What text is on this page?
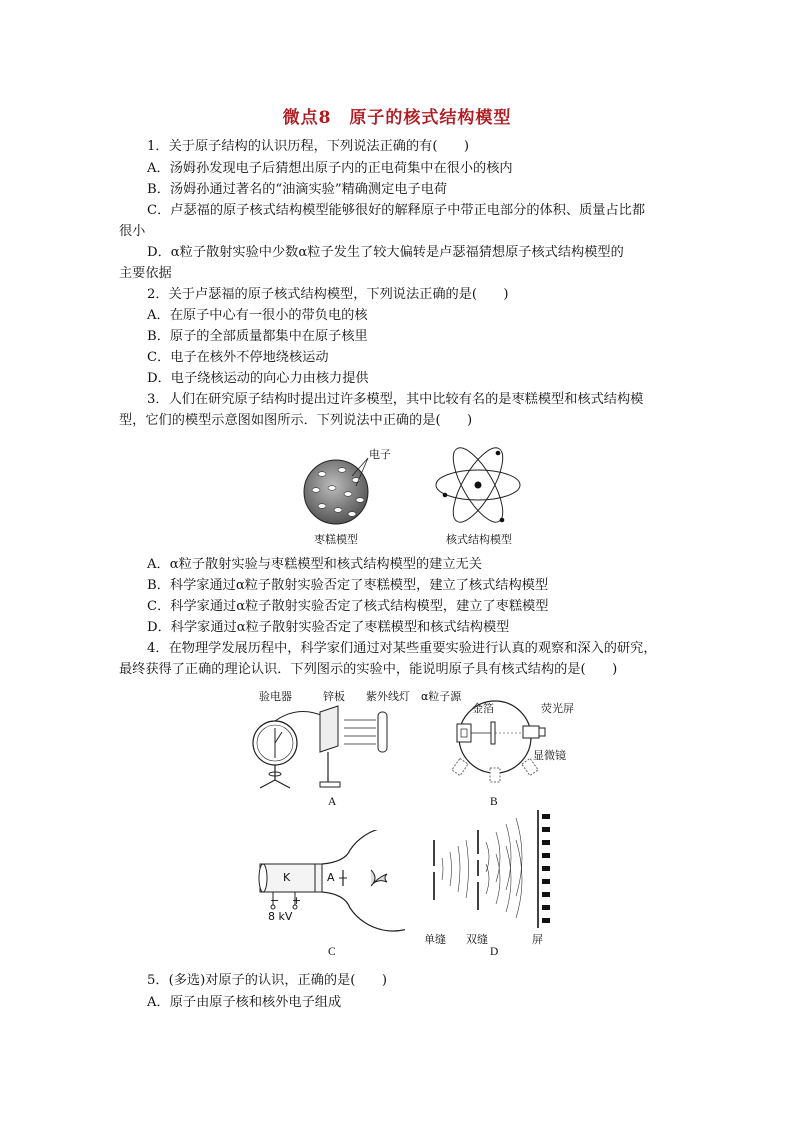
微点8　原子的核式结构模型
1．关于原子结构的认识历程，下列说法正确的有(　　)
A．汤姆孙发现电子后猜想出原子内的正电荷集中在很小的核内
B．汤姆孙通过著名的“油滴实验”精确测定电子电荷
C．卢瑟福的原子核式结构模型能够很好的解释原子中带正电部分的体积、质量占比都
很小
D．α粒子散射实验中少数α粒子发生了较大偏转是卢瑟福猜想原子核式结构模型的
主要依据
2．关于卢瑟福的原子核式结构模型，下列说法正确的是(　　)
A．在原子中心有一很小的带负电的核
B．原子的全部质量都集中在原子核里
C．电子在核外不停地绕核运动
D．电子绕核运动的向心力由核力提供
3．人们在研究原子结构时提出过许多模型，其中比较有名的是枣糕模型和核式结构模
型，它们的模型示意图如图所示．下列说法中正确的是(　　)
电子
枣糕模型	核式结构模型
A．α粒子散射实验与枣糕模型和核式结构模型的建立无关
B．科学家通过α粒子散射实验否定了枣糕模型，建立了核式结构模型
C．科学家通过α粒子散射实验否定了核式结构模型，建立了枣糕模型
D．科学家通过α粒子散射实验否定了枣糕模型和核式结构模型
4．在物理学发展历程中，科学家们通过对某些重要实验进行认真的观察和深入的研究，
最终获得了正确的理论认识．下列图示的实验中，能说明原子具有核式结构的是(　　)
验电器	锌板 紫外线灯
A
α粒子源
金箔	荧光屏
显微镜
B
K	A
− +
8 kV
C
单缝 双缝	屏
D
5．(多选)对原子的认识，正确的是(　　)
A．原子由原子核和核外电子组成
